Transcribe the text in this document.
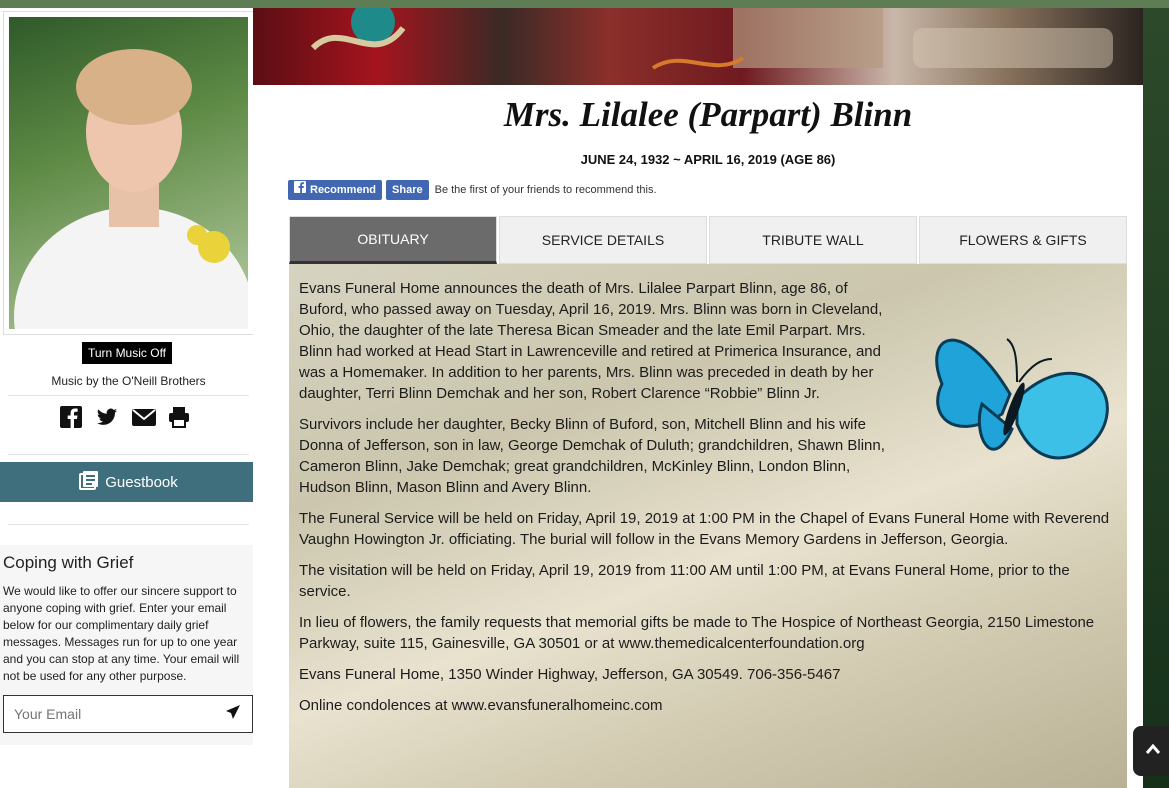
Turn Music Off
Music by the O'Neill Brothers
Guestbook
Coping with Grief
We would like to offer our sincere support to anyone coping with grief. Enter your email below for our complimentary daily grief messages. Messages run for up to one year and you can stop at any time. Your email will not be used for any other purpose.
Your Email
Mrs. Lilalee (Parpart) Blinn
JUNE 24, 1932 ~ APRIL 16, 2019 (AGE 86)
Recommend Share Be the first of your friends to recommend this.
OBITUARY	SERVICE DETAILS	TRIBUTE WALL	FLOWERS & GIFTS

Evans Funeral Home announces the death of Mrs. Lilalee Parpart Blinn, age 86, of Buford, who passed away on Tuesday, April 16, 2019. Mrs. Blinn was born in Cleveland, Ohio, the daughter of the late Theresa Bican Smeader and the late Emil Parpart. Mrs. Blinn had worked at Head Start in Lawrenceville and retired at Primerica Insurance, and was a Homemaker. In addition to her parents, Mrs. Blinn was preceded in death by her daughter, Terri Blinn Demchak and her son, Robert Clarence “Robbie” Blinn Jr.

Survivors include her daughter, Becky Blinn of Buford, son, Mitchell Blinn and his wife Donna of Jefferson, son in law, George Demchak of Duluth; grandchildren, Shawn Blinn, Cameron Blinn, Jake Demchak; great grandchildren, McKinley Blinn, London Blinn, Hudson Blinn, Mason Blinn and Avery Blinn.

The Funeral Service will be held on Friday, April 19, 2019 at 1:00 PM in the Chapel of Evans Funeral Home with Reverend Vaughn Howington Jr. officiating. The burial will follow in the Evans Memory Gardens in Jefferson, Georgia.

The visitation will be held on Friday, April 19, 2019 from 11:00 AM until 1:00 PM, at Evans Funeral Home, prior to the service.

In lieu of flowers, the family requests that memorial gifts be made to The Hospice of Northeast Georgia, 2150 Limestone Parkway, suite 115, Gainesville, GA 30501 or at www.themedicalcenterfoundation.org

Evans Funeral Home, 1350 Winder Highway, Jefferson, GA 30549. 706-356-5467

Online condolences at www.evansfuneralhomeinc.com
